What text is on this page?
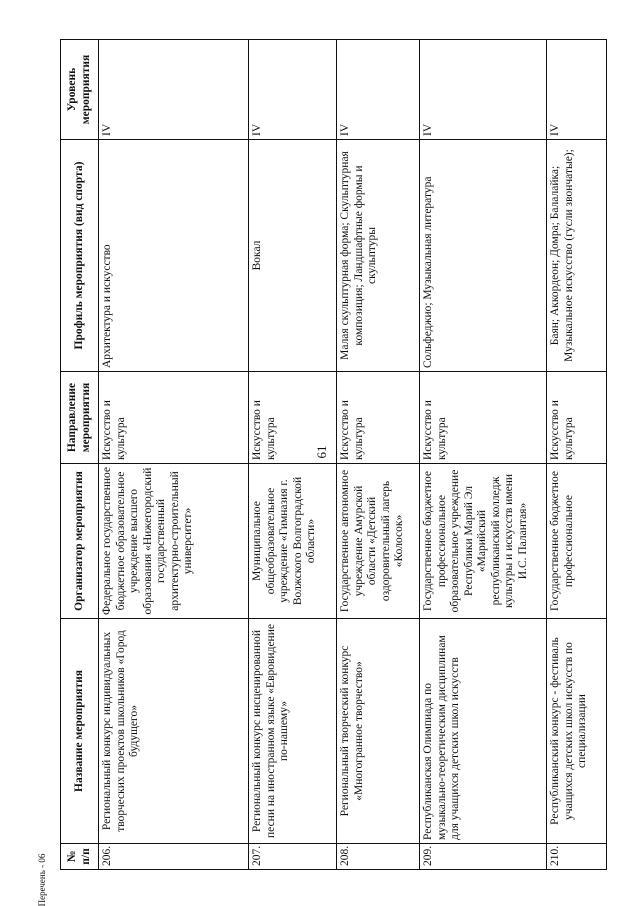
61
№ п/п	Название мероприятия	Организатор мероприятия	Направление мероприятия	Профиль мероприятия (вид спорта)	Уровень мероприятия
206.	Региональный конкурс индивидуальных творческих проектов школьников «Город будущего»	Федеральное государственное бюджетное образовательное учреждение высшего образования «Нижегородский государственный архитектурно-строительный университет»	Искусство и культура	Архитектура и искусство	IV
207.	Региональный конкурс инсценированной песни на иностранном языке «Евровидение по-нашему»	Муниципальное общеобразовательное учреждение «Гимназия г. Волжского Волгоградской области»	Искусство и культура	Вокал	IV
208.	Региональный творческий конкурс «Многогранное творчество»	Государственное автономное учреждение Амурской области «Детский оздоровительный лагерь «Колосок»	Искусство и культура	Малая скульптурная форма; Скульптурная композиция; Ландшафтные формы и скульптуры	IV
209.	Республиканская Олимпиада по музыкально-теоретическим дисциплинам для учащихся детских школ искусств	Государственное бюджетное профессиональное образовательное учреждение Республики Марий Эл «Марийский республиканский колледж культуры и искусств имени И.С. Палантая»	Искусство и культура	Сольфеджио; Музыкальная литература	IV
210.	Республиканский конкурс - фестиваль учащихся детских школ искусств по специализации	Государственное бюджетное профессиональное	Искусство и культура	Баян; Аккордеон; Домра; Балалайка; Музыкальное искусство (гусли звончатые);	IV
Перечень - 06
